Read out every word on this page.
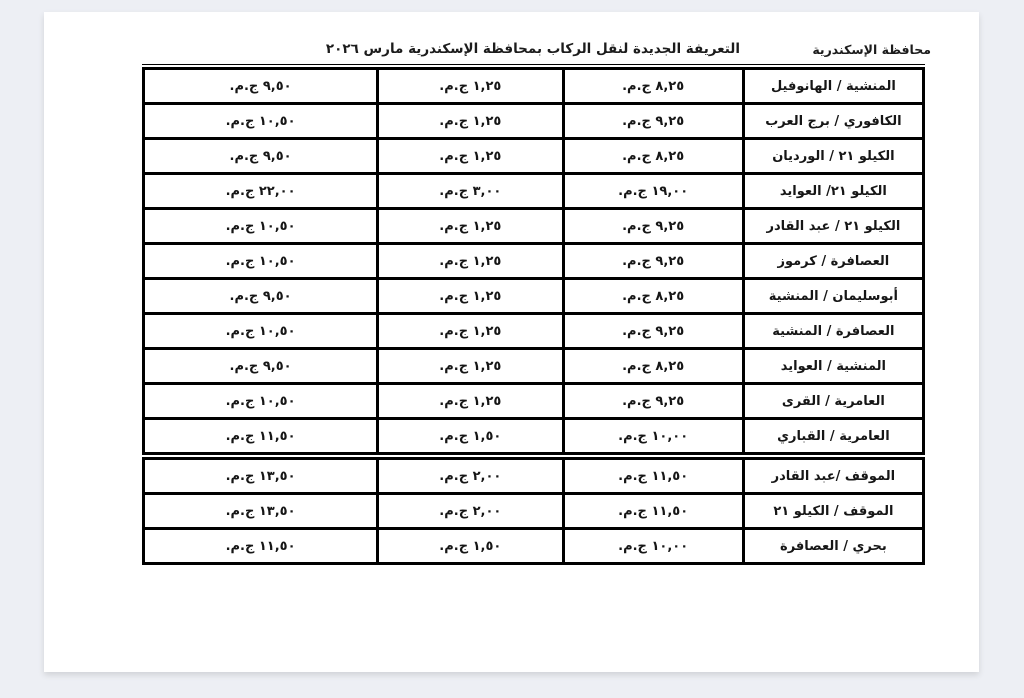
محافظة الإسكندرية
التعريفة الجديدة لنقل الركاب بمحافظة الإسكندرية مارس ٢٠٢٦
المنشية / الهانوفيل	٨,٢٥ ج.م.	١,٢٥ ج.م.	٩,٥٠ ج.م.
الكافوري / برج العرب	٩,٢٥ ج.م.	١,٢٥ ج.م.	١٠,٥٠ ج.م.
الكيلو ٢١ / الورديان	٨,٢٥ ج.م.	١,٢٥ ج.م.	٩,٥٠ ج.م.
الكيلو ٢١/ العوايد	١٩,٠٠ ج.م.	٣,٠٠ ج.م.	٢٢,٠٠ ج.م.
الكيلو ٢١ / عبد القادر	٩,٢٥ ج.م.	١,٢٥ ج.م.	١٠,٥٠ ج.م.
العصافرة / كرموز	٩,٢٥ ج.م.	١,٢٥ ج.م.	١٠,٥٠ ج.م.
أبوسليمان / المنشية	٨,٢٥ ج.م.	١,٢٥ ج.م.	٩,٥٠ ج.م.
العصافرة / المنشية	٩,٢٥ ج.م.	١,٢٥ ج.م.	١٠,٥٠ ج.م.
المنشية / العوايد	٨,٢٥ ج.م.	١,٢٥ ج.م.	٩,٥٠ ج.م.
العامرية / القرى	٩,٢٥ ج.م.	١,٢٥ ج.م.	١٠,٥٠ ج.م.
العامرية / القباري	١٠,٠٠ ج.م.	١,٥٠ ج.م.	١١,٥٠ ج.م.
الموقف /عبد القادر	١١,٥٠ ج.م.	٢,٠٠ ج.م.	١٣,٥٠ ج.م.
الموقف / الكيلو ٢١	١١,٥٠ ج.م.	٢,٠٠ ج.م.	١٣,٥٠ ج.م.
بحري / العصافرة	١٠,٠٠ ج.م.	١,٥٠ ج.م.	١١,٥٠ ج.م.
